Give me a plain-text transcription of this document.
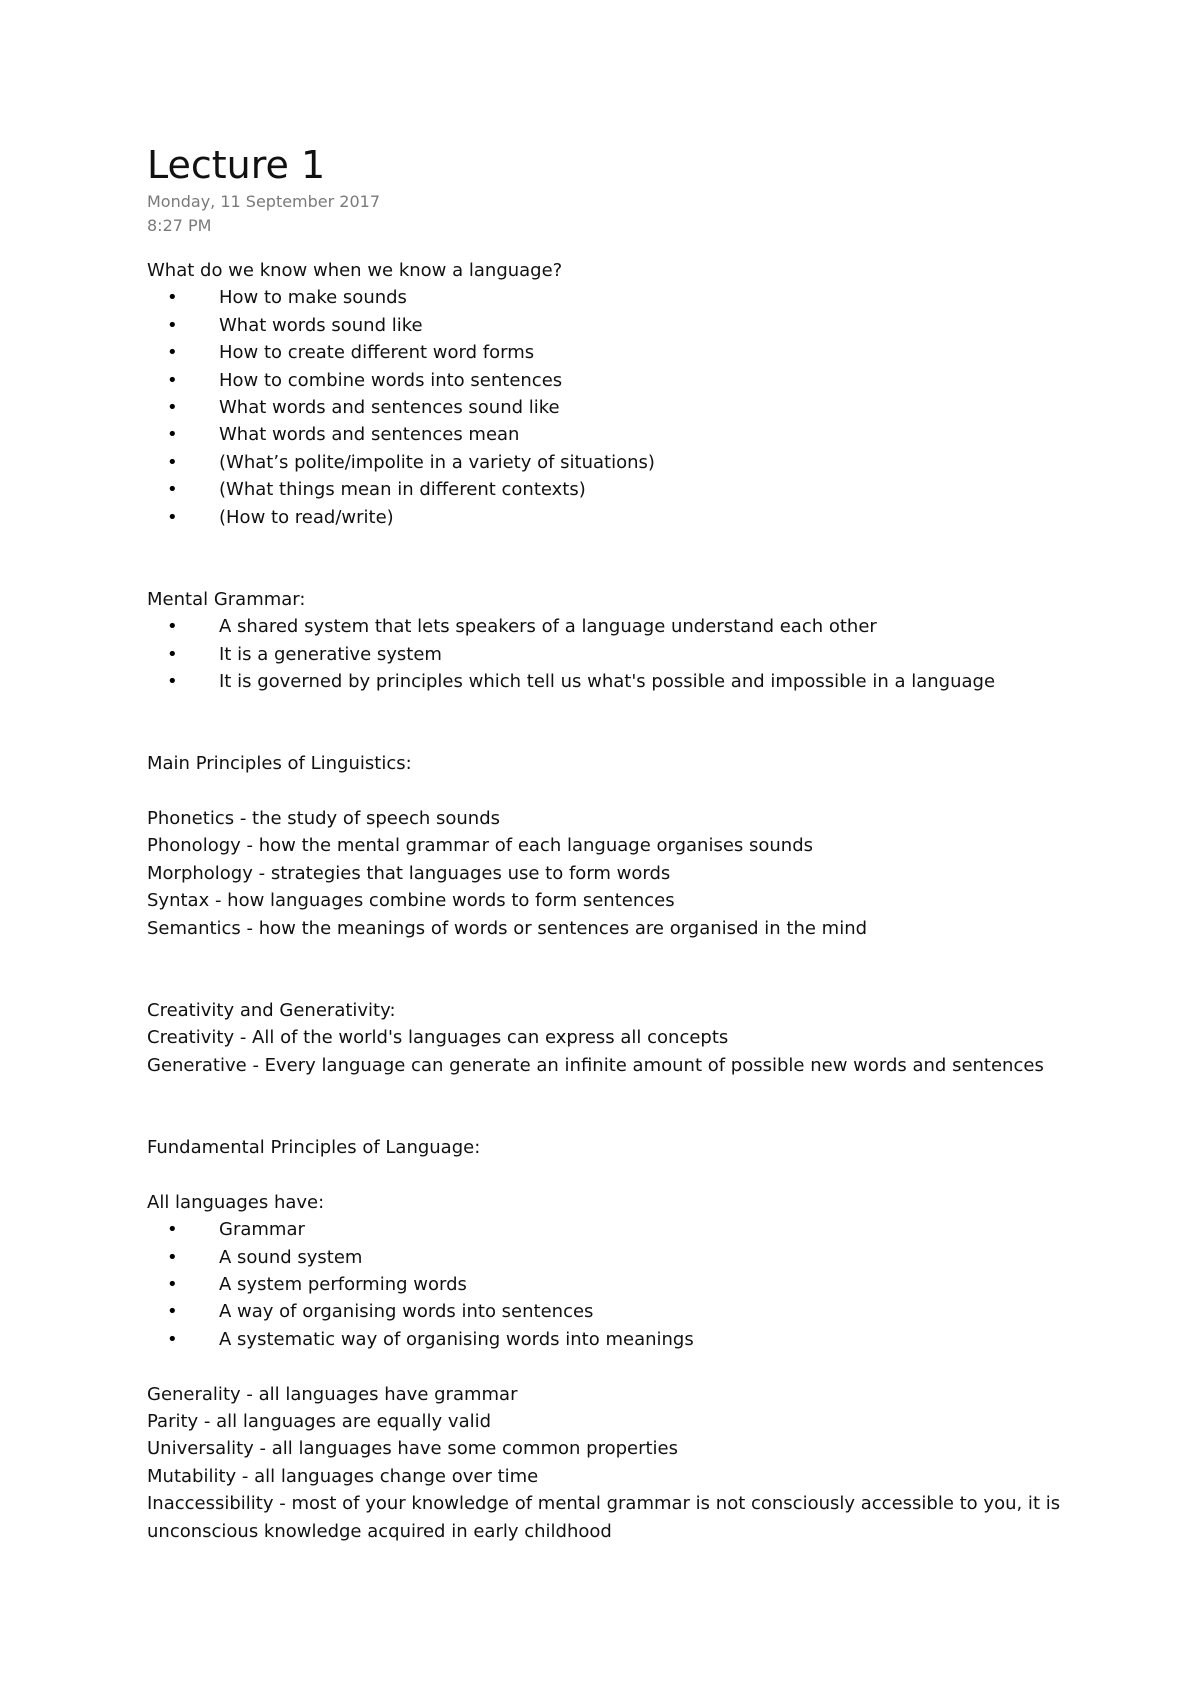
Lecture 1
Monday, 11 September 2017
8:27 PM
What do we know when we know a language?
• How to make sounds
• What words sound like
• How to create different word forms
• How to combine words into sentences
• What words and sentences sound like
• What words and sentences mean
• (What’s polite/impolite in a variety of situations)
• (What things mean in different contexts)
• (How to read/write)
Mental Grammar:
• A shared system that lets speakers of a language understand each other
• It is a generative system
• It is governed by principles which tell us what's possible and impossible in a language
Main Principles of Linguistics:
Phonetics - the study of speech sounds
Phonology - how the mental grammar of each language organises sounds
Morphology - strategies that languages use to form words
Syntax - how languages combine words to form sentences
Semantics - how the meanings of words or sentences are organised in the mind
Creativity and Generativity:
Creativity - All of the world's languages can express all concepts
Generative - Every language can generate an infinite amount of possible new words and sentences
Fundamental Principles of Language:
All languages have:
• Grammar
• A sound system
• A system performing words
• A way of organising words into sentences
• A systematic way of organising words into meanings
Generality - all languages have grammar
Parity - all languages are equally valid
Universality - all languages have some common properties
Mutability - all languages change over time
Inaccessibility - most of your knowledge of mental grammar is not consciously accessible to you, it is unconscious knowledge acquired in early childhood
